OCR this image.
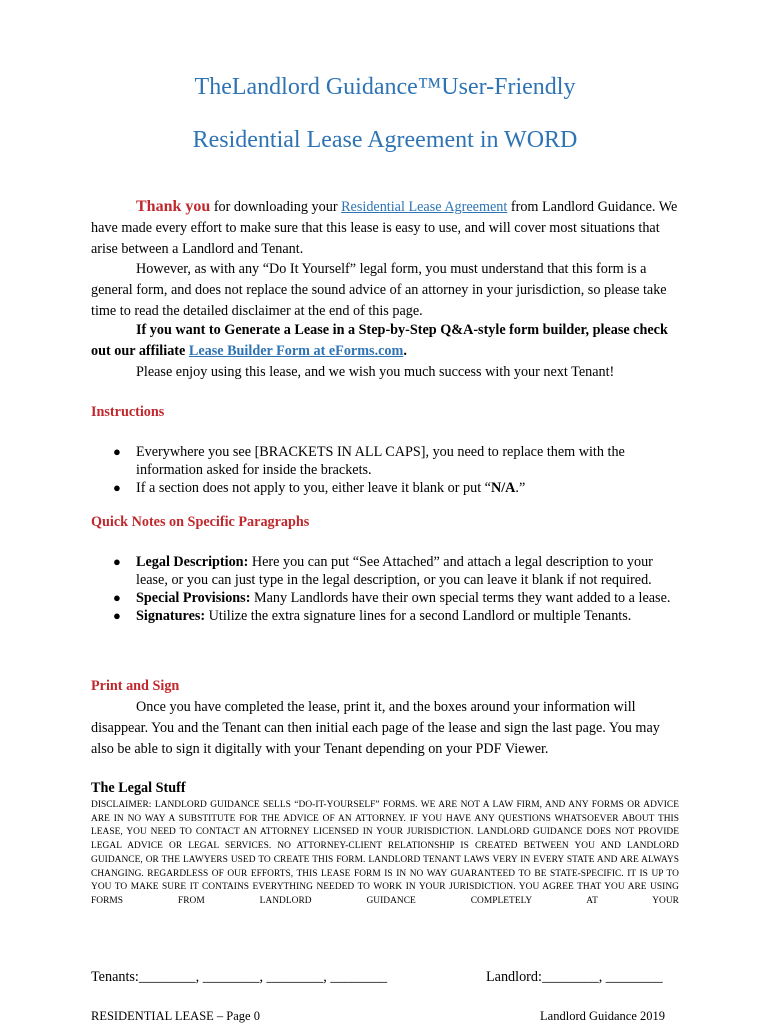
TheLandlord Guidance™User-Friendly
Residential Lease Agreement in WORD
Thank you for downloading your Residential Lease Agreement from Landlord Guidance. We have made every effort to make sure that this lease is easy to use, and will cover most situations that arise between a Landlord and Tenant.
However, as with any “Do It Yourself” legal form, you must understand that this form is a general form, and does not replace the sound advice of an attorney in your jurisdiction, so please take time to read the detailed disclaimer at the end of this page.
If you want to Generate a Lease in a Step-by-Step Q&A-style form builder, please check out our affiliate Lease Builder Form at eForms.com.
Please enjoy using this lease, and we wish you much success with your next Tenant!
Instructions
● Everywhere you see [BRACKETS IN ALL CAPS], you need to replace them with the information asked for inside the brackets.
● If a section does not apply to you, either leave it blank or put “N/A.”
Quick Notes on Specific Paragraphs
● Legal Description: Here you can put “See Attached” and attach a legal description to your lease, or you can just type in the legal description, or you can leave it blank if not required.
● Special Provisions: Many Landlords have their own special terms they want added to a lease.
● Signatures: Utilize the extra signature lines for a second Landlord or multiple Tenants.
Print and Sign
Once you have completed the lease, print it, and the boxes around your information will disappear. You and the Tenant can then initial each page of the lease and sign the last page. You may also be able to sign it digitally with your Tenant depending on your PDF Viewer.
The Legal Stuff
DISCLAIMER: LANDLORD GUIDANCE SELLS “DO-IT-YOURSELF” FORMS. WE ARE NOT A LAW FIRM, AND ANY FORMS OR ADVICE ARE IN NO WAY A SUBSTITUTE FOR THE ADVICE OF AN ATTORNEY. IF YOU HAVE ANY QUESTIONS WHATSOEVER ABOUT THIS LEASE, YOU NEED TO CONTACT AN ATTORNEY LICENSED IN YOUR JURISDICTION. LANDLORD GUIDANCE DOES NOT PROVIDE LEGAL ADVICE OR LEGAL SERVICES. NO ATTORNEY-CLIENT RELATIONSHIP IS CREATED BETWEEN YOU AND LANDLORD GUIDANCE, OR THE LAWYERS USED TO CREATE THIS FORM. LANDLORD TENANT LAWS VERY IN EVERY STATE AND ARE ALWAYS CHANGING. REGARDLESS OF OUR EFFORTS, THIS LEASE FORM IS IN NO WAY GUARANTEED TO BE STATE-SPECIFIC. IT IS UP TO YOU TO MAKE SURE IT CONTAINS EVERYTHING NEEDED TO WORK IN YOUR JURISDICTION. YOU AGREE THAT YOU ARE USING FORMS FROM LANDLORD GUIDANCE COMPLETELY AT YOUR
Tenants:________, ________, ________, ________	Landlord:________, ________
RESIDENTIAL LEASE – Page 0	Landlord Guidance 2019
